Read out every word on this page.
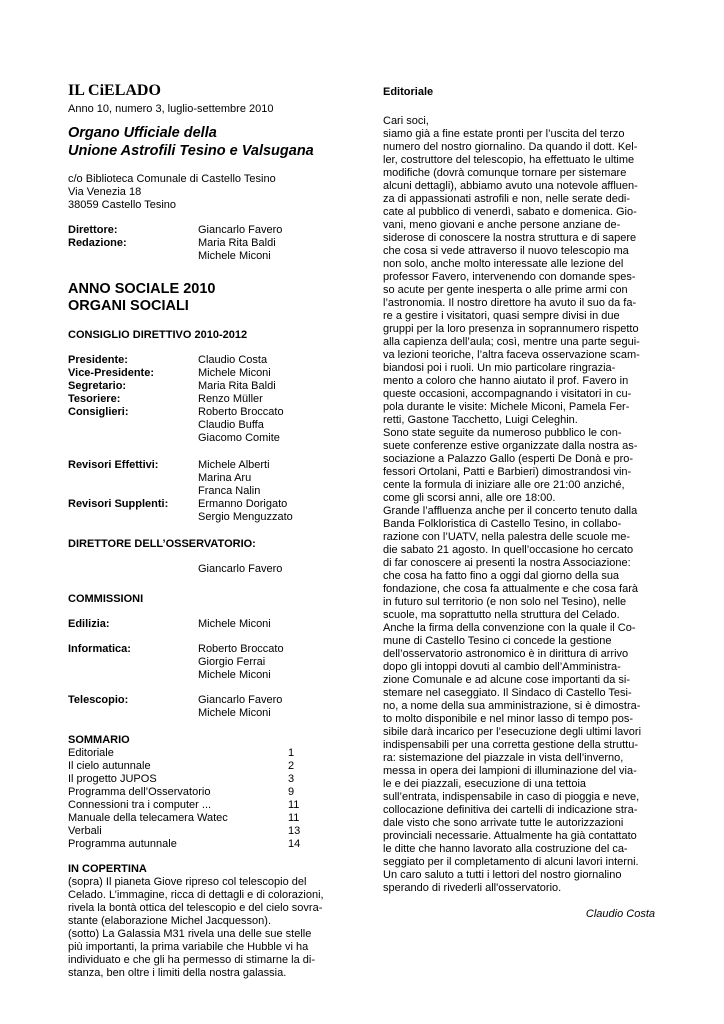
IL CiELADO
Anno 10, numero 3, luglio-settembre 2010
Organo Ufficiale della
Unione Astrofili Tesino e Valsugana
c/o Biblioteca Comunale di Castello Tesino
Via Venezia 18
38059 Castello Tesino
Direttore:	Giancarlo Favero
Redazione:	Maria Rita Baldi
Michele Miconi
ANNO SOCIALE 2010
ORGANI SOCIALI
CONSIGLIO DIRETTIVO 2010-2012
Presidente:	Claudio Costa
Vice-Presidente:	Michele Miconi
Segretario:	Maria Rita Baldi
Tesoriere:	Renzo Müller
Consiglieri:	Roberto Broccato
Claudio Buffa
Giacomo Comite
Revisori Effettivi:	Michele Alberti
Marina Aru
Franca Nalin
Revisori Supplenti:	Ermanno Dorigato
Sergio Menguzzato
DIRETTORE DELL’OSSERVATORIO:
Giancarlo Favero
COMMISSIONI
Edilizia:	Michele Miconi
Informatica:	Roberto Broccato
Giorgio Ferrai
Michele Miconi
Telescopio:	Giancarlo Favero
Michele Miconi
SOMMARIO
Editoriale	1
Il cielo autunnale	2
Il progetto JUPOS	3
Programma dell’Osservatorio	9
Connessioni tra i computer ...	11
Manuale della telecamera Watec	11
Verbali	13
Programma autunnale	14
IN COPERTINA
(sopra) Il pianeta Giove ripreso col telescopio del
Celado. L’immagine, ricca di dettagli e di colorazioni,
rivela la bontà ottica del telescopio e del cielo sovra-
stante (elaborazione Michel Jacquesson).
(sotto) La Galassia M31 rivela una delle sue stelle
più importanti, la prima variabile che Hubble vi ha
individuato e che gli ha permesso di stimarne la di-
stanza, ben oltre i limiti della nostra galassia.
Editoriale

Cari soci,

siamo già a fine estate pronti per l’uscita del terzo

numero del nostro giornalino. Da quando il dott. Kel-

ler, costruttore del telescopio, ha effettuato le ultime

modifiche (dovrà comunque tornare per sistemare

alcuni dettagli), abbiamo avuto una notevole affluen-

za di appassionati astrofili e non, nelle serate dedi-

cate al pubblico di venerdì, sabato e domenica. Gio-

vani, meno giovani e anche persone anziane de-

siderose di conoscere la nostra struttura e di sapere

che cosa si vede attraverso il nuovo telescopio ma

non solo, anche molto interessate alle lezione del

professor Favero, intervenendo con domande spes-

so acute per gente inesperta o alle prime armi con

l’astronomia. Il nostro direttore ha avuto il suo da fa-

re a gestire i visitatori, quasi sempre divisi in due

gruppi per la loro presenza in soprannumero rispetto

alla capienza dell’aula; così, mentre una parte segui-

va lezioni teoriche, l’altra faceva osservazione scam-

biandosi poi i ruoli. Un mio particolare ringrazia-

mento a coloro che hanno aiutato il prof. Favero in

queste occasioni, accompagnando i visitatori in cu-

pola durante le visite: Michele Miconi, Pamela Fer-

retti, Gastone Tacchetto, Luigi Celeghin.

Sono state seguite da numeroso pubblico le con-

suete conferenze estive organizzate dalla nostra as-

sociazione a Palazzo Gallo (esperti De Donà e pro-

fessori Ortolani, Patti e Barbieri) dimostrandosi vin-

cente la formula di iniziare alle ore 21:00 anziché,

come gli scorsi anni, alle ore 18:00.

Grande l’affluenza anche per il concerto tenuto dalla

Banda Folkloristica di Castello Tesino, in collabo-

razione con l’UATV, nella palestra delle scuole me-

die sabato 21 agosto. In quell’occasione ho cercato

di far conoscere ai presenti la nostra Associazione:

che cosa ha fatto fino a oggi dal giorno della sua

fondazione, che cosa fa attualmente e che cosa farà

in futuro sul territorio (e non solo nel Tesino), nelle

scuole, ma soprattutto nella struttura del Celado.

Anche la firma della convenzione con la quale il Co-

mune di Castello Tesino ci concede la gestione

dell’osservatorio astronomico è in dirittura di arrivo

dopo gli intoppi dovuti al cambio dell’Amministra-

zione Comunale e ad alcune cose importanti da si-

stemare nel caseggiato. Il Sindaco di Castello Tesi-

no, a nome della sua amministrazione, si è dimostra-

to molto disponibile e nel minor lasso di tempo pos-

sibile darà incarico per l’esecuzione degli ultimi lavori

indispensabili per una corretta gestione della struttu-

ra: sistemazione del piazzale in vista dell’inverno,

messa in opera dei lampioni di illuminazione del via-

le e dei piazzali, esecuzione di una tettoia

sull’entrata, indispensabile in caso di pioggia e neve,

collocazione definitiva dei cartelli di indicazione stra-

dale visto che sono arrivate tutte le autorizzazioni

provinciali necessarie. Attualmente ha già contattato

le ditte che hanno lavorato alla costruzione del ca-

seggiato per il completamento di alcuni lavori interni.

Un caro saluto a tutti i lettori del nostro giornalino

sperando di rivederli all'osservatorio.

Claudio Costa
